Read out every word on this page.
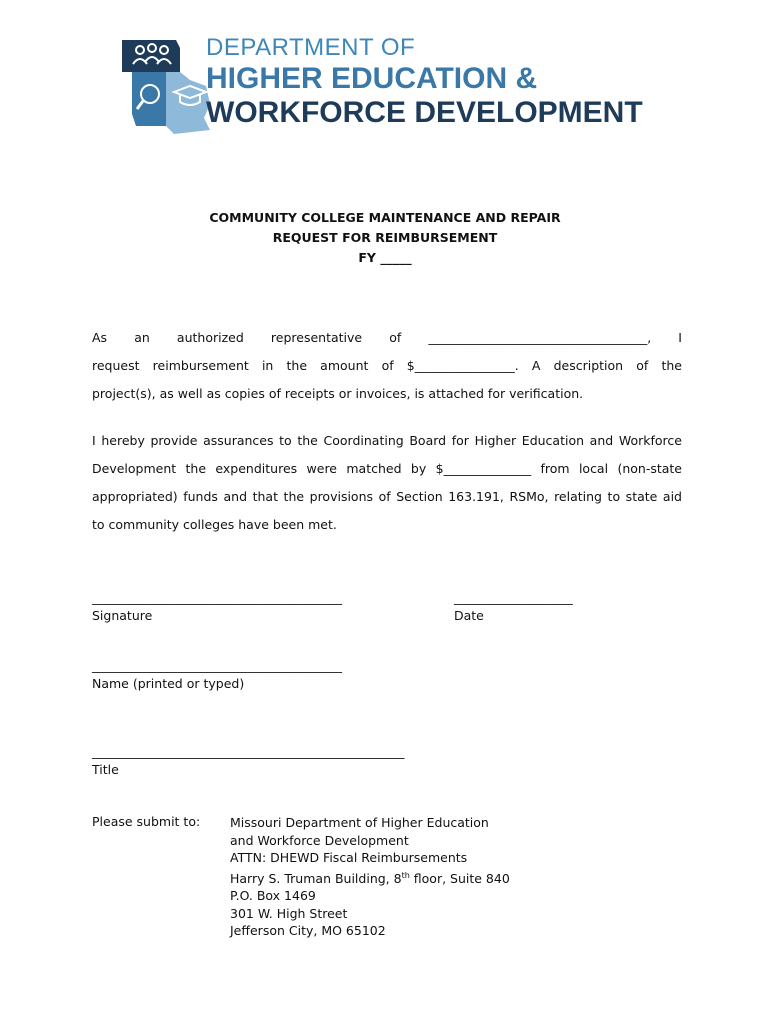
DEPARTMENT OF
HIGHER EDUCATION &
WORKFORCE DEVELOPMENT
COMMUNITY COLLEGE MAINTENANCE AND REPAIR
REQUEST FOR REIMBURSEMENT
FY _____
As an authorized representative of ___________________________________, I
request reimbursement in the amount of $________________. A description of the
project(s), as well as copies of receipts or invoices, is attached for verification.
I hereby provide assurances to the Coordinating Board for Higher Education and Workforce
Development the expenditures were matched by $______________ from local (non-state
appropriated) funds and that the provisions of Section 163.191, RSMo, relating to state aid
to community colleges have been met.
________________________________________
Signature
___________________
Date
________________________________________
Name (printed or typed)
__________________________________________________
Title
Please submit to: Missouri Department of Higher Education
and Workforce Development
ATTN: DHEWD Fiscal Reimbursements
Harry S. Truman Building, 8th floor, Suite 840
P.O. Box 1469
301 W. High Street
Jefferson City, MO 65102
